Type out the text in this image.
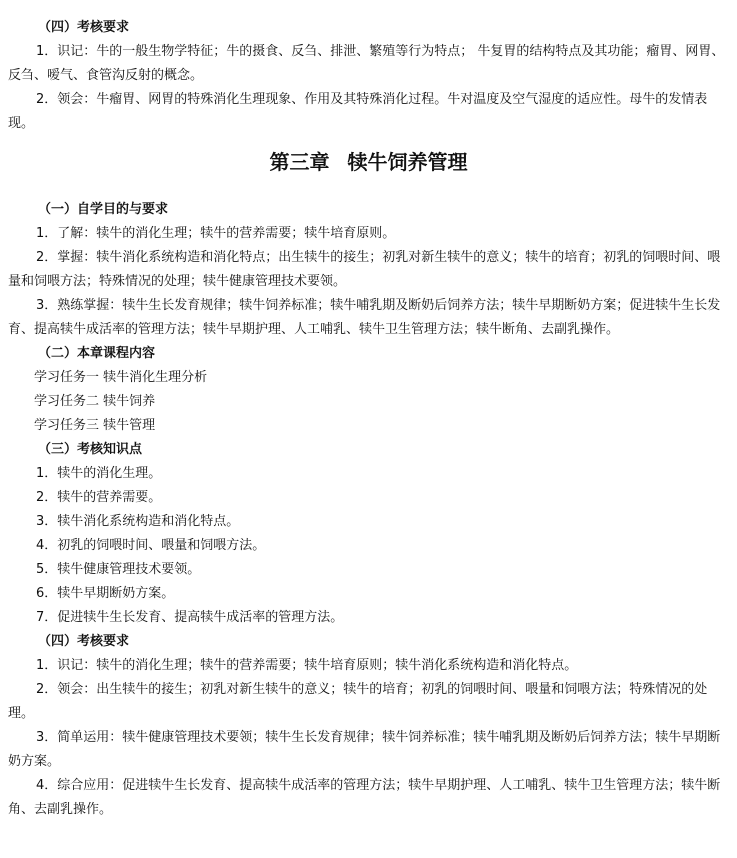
（四）考核要求

1．识记：牛的一般生物学特征；牛的摄食、反刍、排泄、繁殖等行为特点； 牛复胃的结构特点及其功能；瘤胃、网胃、反刍、嗳气、食管沟反射的概念。

2．领会：牛瘤胃、网胃的特殊消化生理现象、作用及其特殊消化过程。牛对温度及空气湿度的适应性。母牛的发情表现。

第三章 犊牛饲养管理

（一）自学目的与要求

1．了解：犊牛的消化生理；犊牛的营养需要；犊牛培育原则。

2．掌握：犊牛消化系统构造和消化特点；出生犊牛的接生；初乳对新生犊牛的意义；犊牛的培育；初乳的饲喂时间、喂量和饲喂方法；特殊情况的处理；犊牛健康管理技术要领。

3．熟练掌握：犊牛生长发育规律；犊牛饲养标准；犊牛哺乳期及断奶后饲养方法；犊牛早期断奶方案；促进犊牛生长发育、提高犊牛成活率的管理方法；犊牛早期护理、人工哺乳、犊牛卫生管理方法；犊牛断角、去副乳操作。

（二）本章课程内容

学习任务一 犊牛消化生理分析

学习任务二 犊牛饲养

学习任务三 犊牛管理

（三）考核知识点

1．犊牛的消化生理。

2．犊牛的营养需要。

3．犊牛消化系统构造和消化特点。

4．初乳的饲喂时间、喂量和饲喂方法。

5．犊牛健康管理技术要领。

6．犊牛早期断奶方案。

7．促进犊牛生长发育、提高犊牛成活率的管理方法。

（四）考核要求

1．识记：犊牛的消化生理；犊牛的营养需要；犊牛培育原则；犊牛消化系统构造和消化特点。

2．领会：出生犊牛的接生；初乳对新生犊牛的意义；犊牛的培育；初乳的饲喂时间、喂量和饲喂方法；特殊情况的处理。

3．简单运用：犊牛健康管理技术要领；犊牛生长发育规律；犊牛饲养标准；犊牛哺乳期及断奶后饲养方法；犊牛早期断奶方案。

4．综合应用：促进犊牛生长发育、提高犊牛成活率的管理方法；犊牛早期护理、人工哺乳、犊牛卫生管理方法；犊牛断角、去副乳操作。
